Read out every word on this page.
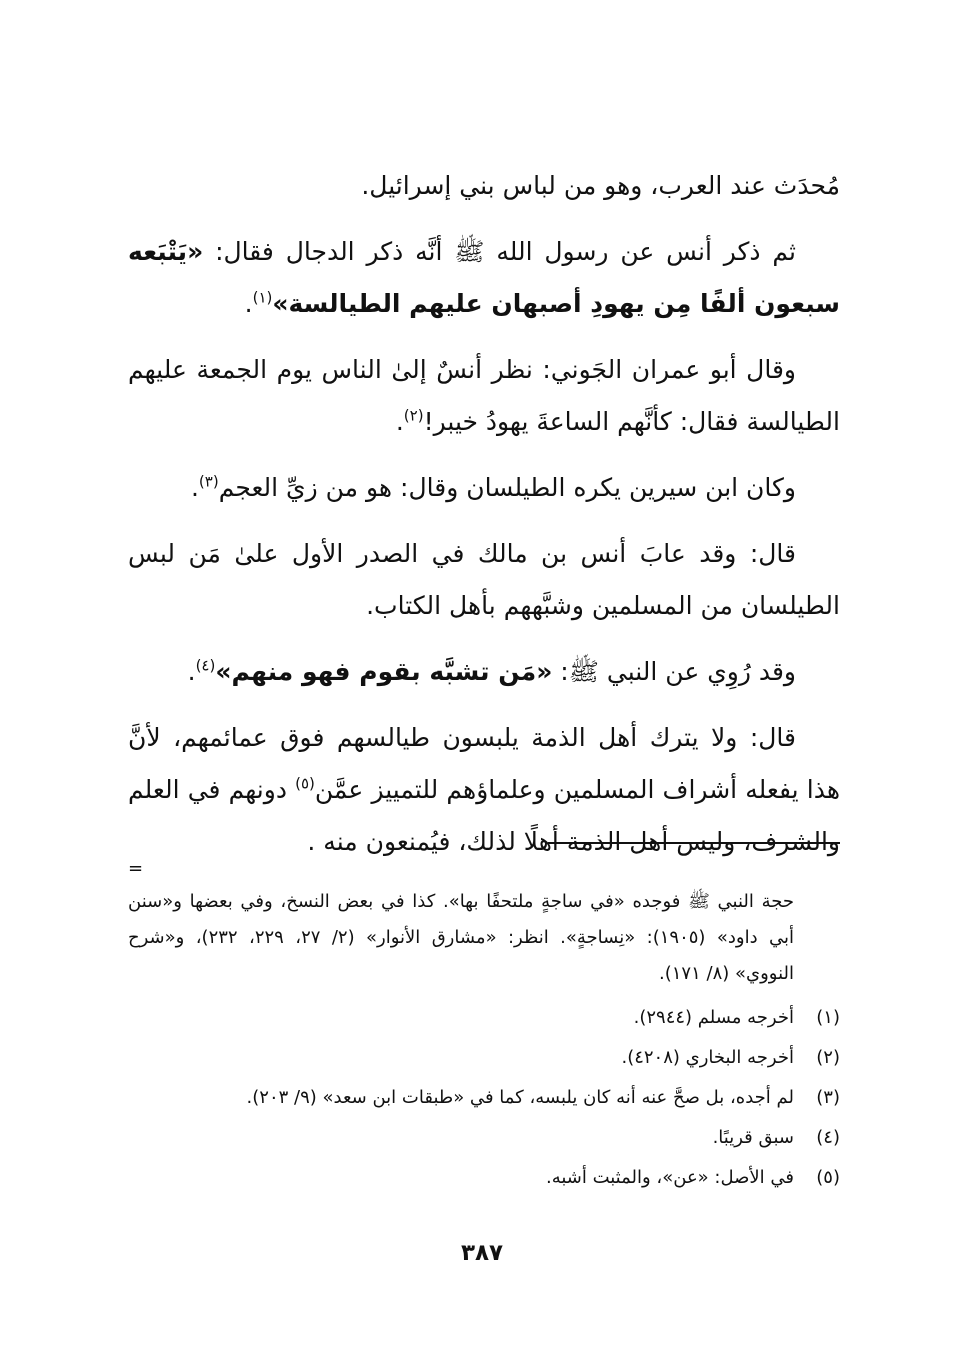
مُحدَث عند العرب، وهو من لباس بني إسرائيل.

ثم ذكر أنس عن رسول الله ﷺ أنَّه ذكر الدجال فقال: «يَتْبَعه سبعون ألفًا مِن يهودِ أصبهان عليهم الطيالسة»$^{(١)}$.

وقال أبو عمران الجَوني: نظر أنسٌ إلىٰ الناس يوم الجمعة عليهم الطيالسة فقال: كأنَّهم الساعةَ يهودُ خيبر!$^{(٢)}$.

وكان ابن سيرين يكره الطيلسان وقال: هو من زيِّ العجم$^{(٣)}$.

قال: وقد عابَ أنس بن مالك في الصدر الأول علىٰ مَن لبس الطيلسان من المسلمين وشبَّههم بأهل الكتاب.

وقد رُوِي عن النبي ﷺ: «مَن تشبَّه بقوم فهو منهم»$^{(٤)}$.

قال: ولا يترك أهل الذمة يلبسون طيالسهم فوق عمائمهم، لأنَّ هذا يفعله أشراف المسلمين وعلماؤهم للتمييز عمَّن$^{(٥)}$ دونهم في العلم والشرف، وليس أهل الذمة أهلًا لذلك، فيُمنعون منه .

=

حجة النبي ﷺ فوجده «في ساجةٍ ملتحفًا بها». كذا في بعض النسخ، وفي بعضها و«سنن أبي داود» (١٩٠٥): «نِساجةٍ». انظر: «مشارق الأنوار» (٢/ ٢٧، ٢٢٩، ٢٣٢)، و«شرح النووي» (٨/ ١٧١).

(١)
أخرجه مسلم (٢٩٤٤).
(٢)
أخرجه البخاري (٤٢٠٨).
(٣)
لم أجده، بل صحَّ عنه أنه كان يلبسه، كما في «طبقات ابن سعد» (٩/ ٢٠٣).
(٤)
سبق قريبًا.
(٥)
في الأصل: «عن»، والمثبت أشبه.
٣٨٧
